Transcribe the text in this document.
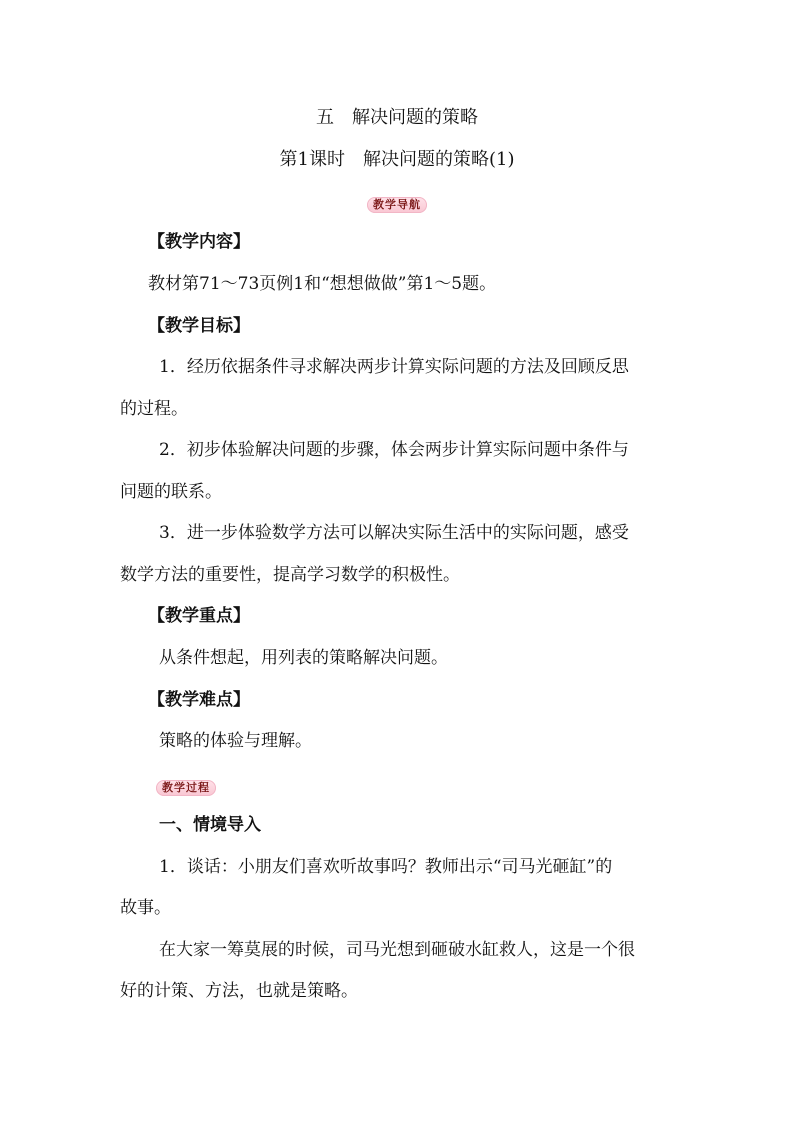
五　解决问题的策略
第1课时　解决问题的策略(1)
教学导航
【教学内容】
教材第71～73页例1和“想想做做”第1～5题。
【教学目标】
1．经历依据条件寻求解决两步计算实际问题的方法及回顾反思
的过程。
2．初步体验解决问题的步骤，体会两步计算实际问题中条件与
问题的联系。
3．进一步体验数学方法可以解决实际生活中的实际问题，感受
数学方法的重要性，提高学习数学的积极性。
【教学重点】
从条件想起，用列表的策略解决问题。
【教学难点】
策略的体验与理解。
教学过程
一、情境导入
1．谈话：小朋友们喜欢听故事吗？教师出示“司马光砸缸”的
故事。
在大家一筹莫展的时候，司马光想到砸破水缸救人，这是一个很
好的计策、方法，也就是策略。
